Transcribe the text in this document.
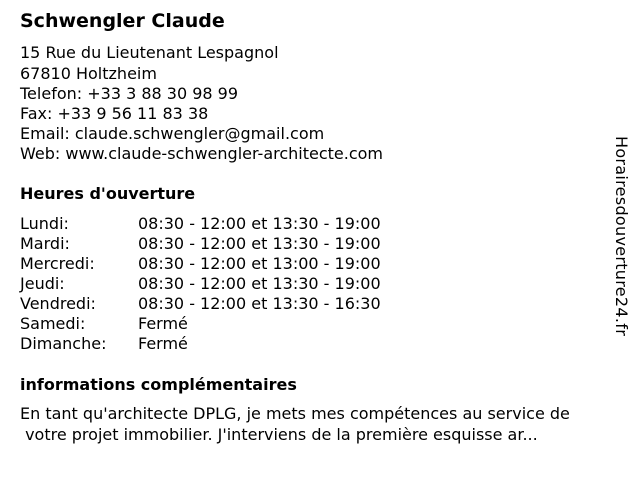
Schwengler Claude
15 Rue du Lieutenant Lespagnol
67810 Holtzheim
Telefon: +33 3 88 30 98 99
Fax: +33 9 56 11 83 38
Email: claude.schwengler@gmail.com
Web: www.claude-schwengler-architecte.com
Heures d'ouverture
Lundi:	08:30 - 12:00 et 13:30 - 19:00
Mardi:	08:30 - 12:00 et 13:30 - 19:00
Mercredi:	08:30 - 12:00 et 13:00 - 19:00
Jeudi:	08:30 - 12:00 et 13:30 - 19:00
Vendredi:	08:30 - 12:00 et 13:30 - 16:30
Samedi:	Fermé
Dimanche: Fermé
informations complémentaires
En tant qu'architecte DPLG, je mets mes compétences au service de
votre projet immobilier. J'interviens de la première esquisse ar...
Horairesdouverture24.fr
